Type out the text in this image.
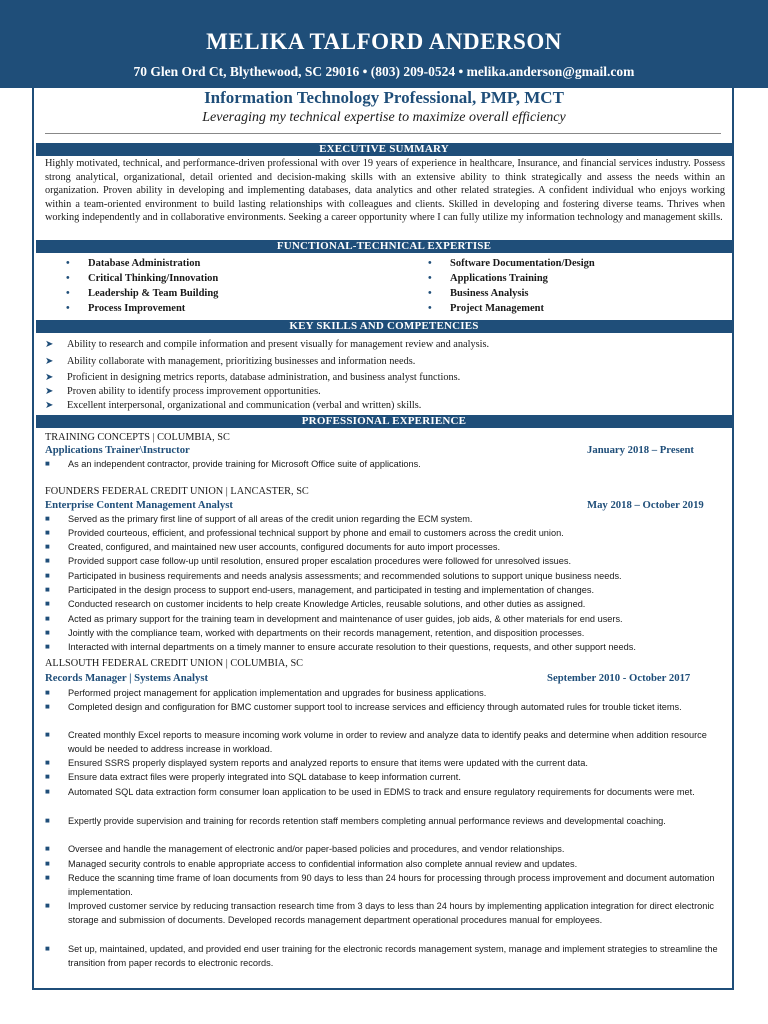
MELIKA TALFORD ANDERSON
70 Glen Ord Ct, Blythewood, SC 29016 • (803) 209-0524 • melika.anderson@gmail.com
Information Technology Professional, PMP, MCT
Leveraging my technical expertise to maximize overall efficiency
EXECUTIVE SUMMARY
Highly motivated, technical, and performance-driven professional with over 19 years of experience in healthcare, Insurance, and financial services industry. Possess strong analytical, organizational, detail oriented and decision-making skills with an extensive ability to think strategically and assess the needs within an organization. Proven ability in developing and implementing databases, data analytics and other related strategies. A confident individual who enjoys working within a team-oriented environment to build lasting relationships with colleagues and clients. Skilled in developing and fostering diverse teams. Thrives when working independently and in collaborative environments. Seeking a career opportunity where I can fully utilize my information technology and management skills.
FUNCTIONAL-TECHNICAL EXPERTISE
• Database Administration
• Critical Thinking/Innovation
• Leadership & Team Building
• Process Improvement
• Software Documentation/Design
• Applications Training
• Business Analysis
• Project Management
KEY SKILLS AND COMPETENCIES
➤ Ability to research and compile information and present visually for management review and analysis.
➤ Ability collaborate with management, prioritizing businesses and information needs.
➤ Proficient in designing metrics reports, database administration, and business analyst functions.
➤ Proven ability to identify process improvement opportunities.
➤ Excellent interpersonal, organizational and communication (verbal and written) skills.
PROFESSIONAL EXPERIENCE
TRAINING CONCEPTS | COLUMBIA, SC
Applications Trainer\Instructor	January 2018 – Present
■ As an independent contractor, provide training for Microsoft Office suite of applications.
FOUNDERS FEDERAL CREDIT UNION | LANCASTER, SC
Enterprise Content Management Analyst	May 2018 – October 2019
■ Served as the primary first line of support of all areas of the credit union regarding the ECM system.
■ Provided courteous, efficient, and professional technical support by phone and email to customers across the credit union.
■ Created, configured, and maintained new user accounts, configured documents for auto import processes.
■ Provided support case follow-up until resolution, ensured proper escalation procedures were followed for unresolved issues.
■ Participated in business requirements and needs analysis assessments; and recommended solutions to support unique business needs.
■ Participated in the design process to support end-users, management, and participated in testing and implementation of changes.
■ Conducted research on customer incidents to help create Knowledge Articles, reusable solutions, and other duties as assigned.
■ Acted as primary support for the training team in development and maintenance of user guides, job aids, & other materials for end users.
■ Jointly with the compliance team, worked with departments on their records management, retention, and disposition processes.
■ Interacted with internal departments on a timely manner to ensure accurate resolution to their questions, requests, and other support needs.
ALLSOUTH FEDERAL CREDIT UNION | COLUMBIA, SC
Records Manager | Systems Analyst	September 2010 - October 2017
■ Performed project management for application implementation and upgrades for business applications.
■ Completed design and configuration for BMC customer support tool to increase services and efficiency through automated rules for trouble ticket items.
■ Created monthly Excel reports to measure incoming work volume in order to review and analyze data to identify peaks and determine when addition resource would be needed to address increase in workload.
■ Ensured SSRS properly displayed system reports and analyzed reports to ensure that items were updated with the current data.
■ Ensure data extract files were properly integrated into SQL database to keep information current.
■ Automated SQL data extraction form consumer loan application to be used in EDMS to track and ensure regulatory requirements for documents were met.
■ Expertly provide supervision and training for records retention staff members completing annual performance reviews and developmental coaching.
■ Oversee and handle the management of electronic and/or paper-based policies and procedures, and vendor relationships.
■ Managed security controls to enable appropriate access to confidential information also complete annual review and updates.
■ Reduce the scanning time frame of loan documents from 90 days to less than 24 hours for processing through process improvement and document automation implementation.
■ Improved customer service by reducing transaction research time from 3 days to less than 24 hours by implementing application integration for direct electronic storage and submission of documents. Developed records management department operational procedures manual for employees.
■ Set up, maintained, updated, and provided end user training for the electronic records management system, manage and implement strategies to streamline the transition from paper records to electronic records.
